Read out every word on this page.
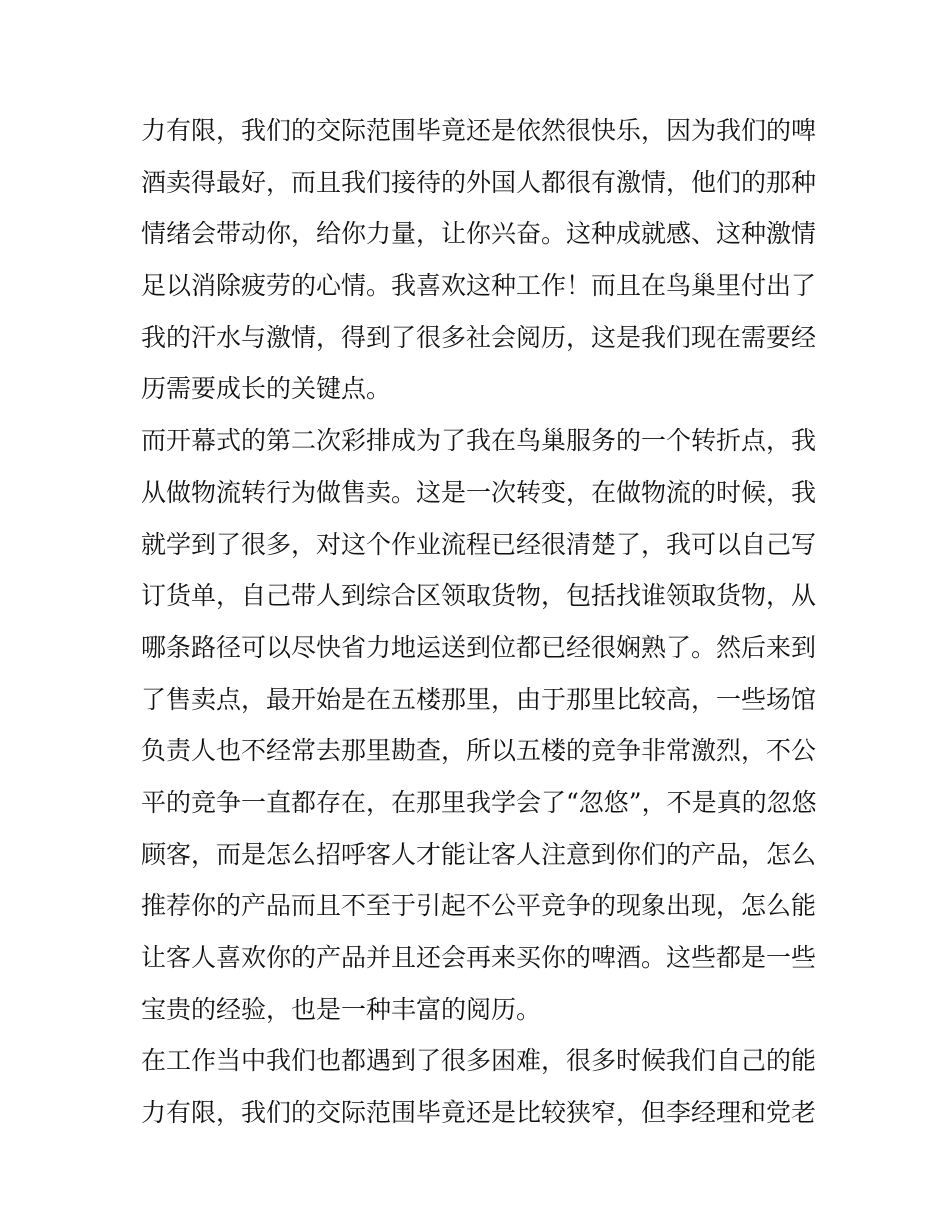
力有限，我们的交际范围毕竟还是依然很快乐，因为我们的啤
酒卖得最好，而且我们接待的外国人都很有激情，他们的那种
情绪会带动你，给你力量，让你兴奋。这种成就感、这种激情
足以消除疲劳的心情。我喜欢这种工作！而且在鸟巢里付出了
我的汗水与激情，得到了很多社会阅历，这是我们现在需要经
历需要成长的关键点。
而开幕式的第二次彩排成为了我在鸟巢服务的一个转折点，我
从做物流转行为做售卖。这是一次转变，在做物流的时候，我
就学到了很多，对这个作业流程已经很清楚了，我可以自己写
订货单，自己带人到综合区领取货物，包括找谁领取货物，从
哪条路径可以尽快省力地运送到位都已经很娴熟了。然后来到
了售卖点，最开始是在五楼那里，由于那里比较高，一些场馆
负责人也不经常去那里勘查，所以五楼的竞争非常激烈，不公
平的竞争一直都存在，在那里我学会了“忽悠”，不是真的忽悠
顾客，而是怎么招呼客人才能让客人注意到你们的产品，怎么
推荐你的产品而且不至于引起不公平竞争的现象出现，怎么能
让客人喜欢你的产品并且还会再来买你的啤酒。这些都是一些
宝贵的经验，也是一种丰富的阅历。
在工作当中我们也都遇到了很多困难，很多时候我们自己的能
力有限，我们的交际范围毕竟还是比较狭窄，但李经理和党老
